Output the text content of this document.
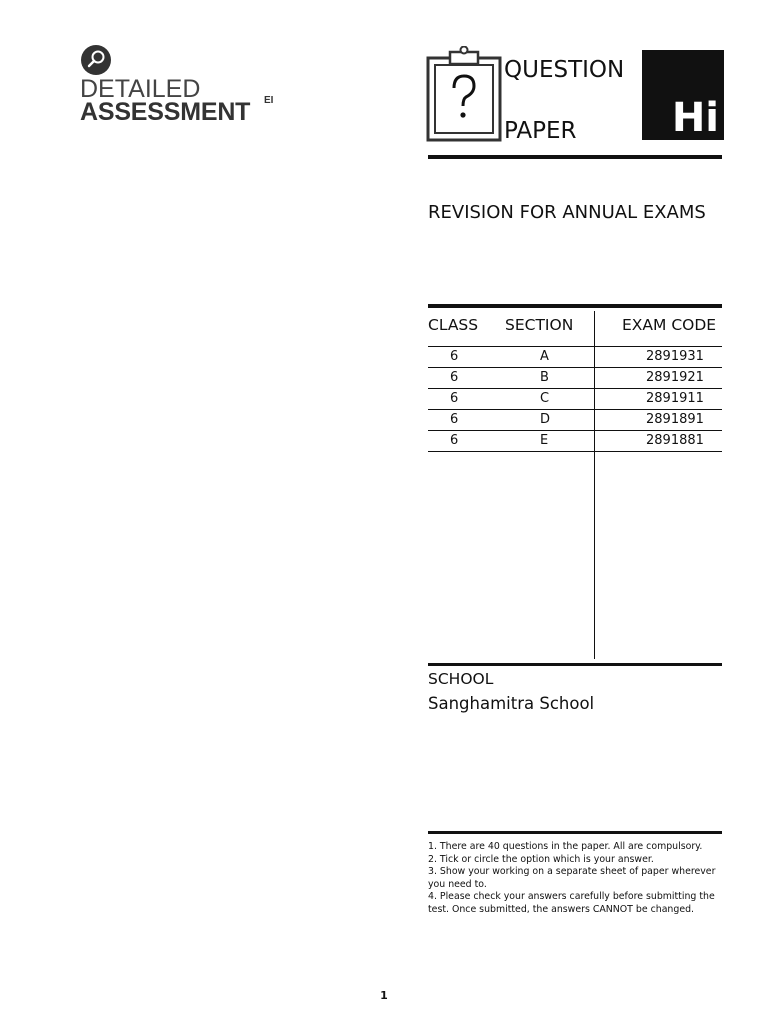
DETAILED
ASSESSMENT EI
QUESTION
PAPER Hi
REVISION FOR ANNUAL EXAMS
CLASS SECTION	EXAM CODE
6	A	2891931
6	B	2891921
6	C	2891911
6	D	2891891
6	E	2891881
SCHOOL
Sanghamitra School

1. There are 40 questions in the paper. All are compulsory.

2. Tick or circle the option which is your answer.

3. Show your working on a separate sheet of paper wherever you need to.

4. Please check your answers carefully before submitting the test. Once submitted, the answers CANNOT be changed.

1
